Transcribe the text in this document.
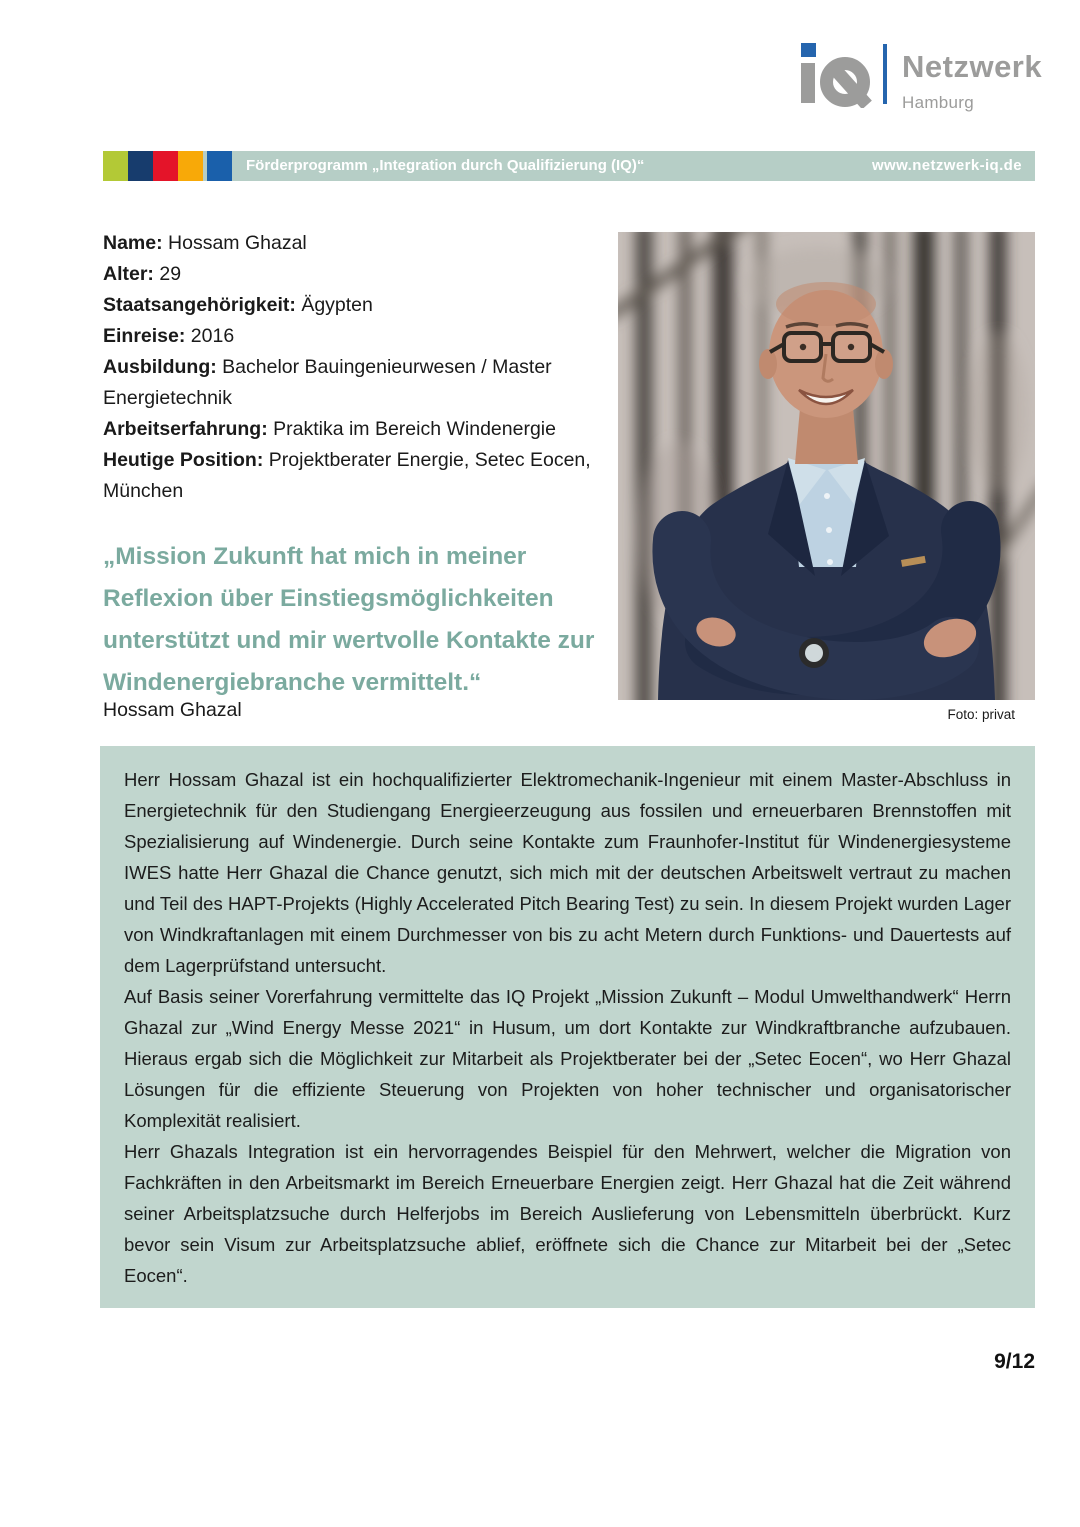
Netzwerk
Hamburg
Förderprogramm „Integration durch Qualifizierung (IQ)“	www.netzwerk-iq.de

Name: Hossam Ghazal

Alter: 29

Staatsangehörigkeit: Ägypten

Einreise: 2016

Ausbildung: Bachelor Bauingenieurwesen / Master Energietechnik

Arbeitserfahrung: Praktika im Bereich Windenergie

Heutige Position: Projektberater Energie, Setec Eocen, München

„Mission Zukunft hat mich in meiner Reflexion über Einstiegsmöglichkeiten unterstützt und mir wertvolle Kontakte zur Windenergiebranche vermittelt.“
Hossam Ghazal	Foto: privat

Herr Hossam Ghazal ist ein hochqualifizierter Elektromechanik-Ingenieur mit einem Master-Abschluss in Energietechnik für den Studiengang Energieerzeugung aus fossilen und erneuerbaren Brennstoffen mit Spezialisierung auf Windenergie. Durch seine Kontakte zum Fraunhofer-Institut für Windenergiesysteme IWES hatte Herr Ghazal die Chance genutzt, sich mich mit der deutschen Arbeitswelt vertraut zu machen und Teil des HAPT-Projekts (Highly Accelerated Pitch Bearing Test) zu sein. In diesem Projekt wurden Lager von Windkraftanlagen mit einem Durchmesser von bis zu acht Metern durch Funktions- und Dauertests auf dem Lagerprüfstand untersucht.

Auf Basis seiner Vorerfahrung vermittelte das IQ Projekt „Mission Zukunft – Modul Umwelthandwerk“ Herrn Ghazal zur „Wind Energy Messe 2021“ in Husum, um dort Kontakte zur Windkraftbranche aufzubauen. Hieraus ergab sich die Möglichkeit zur Mitarbeit als Projektberater bei der „Setec Eocen“, wo Herr Ghazal Lösungen für die effiziente Steuerung von Projekten von hoher technischer und organisatorischer Komplexität realisiert.

Herr Ghazals Integration ist ein hervorragendes Beispiel für den Mehrwert, welcher die Migration von Fachkräften in den Arbeitsmarkt im Bereich Erneuerbare Energien zeigt. Herr Ghazal hat die Zeit während seiner Arbeitsplatzsuche durch Helferjobs im Bereich Auslieferung von Lebensmitteln überbrückt. Kurz bevor sein Visum zur Arbeitsplatzsuche ablief, eröffnete sich die Chance zur Mitarbeit bei der „Setec Eocen“.

9/12
